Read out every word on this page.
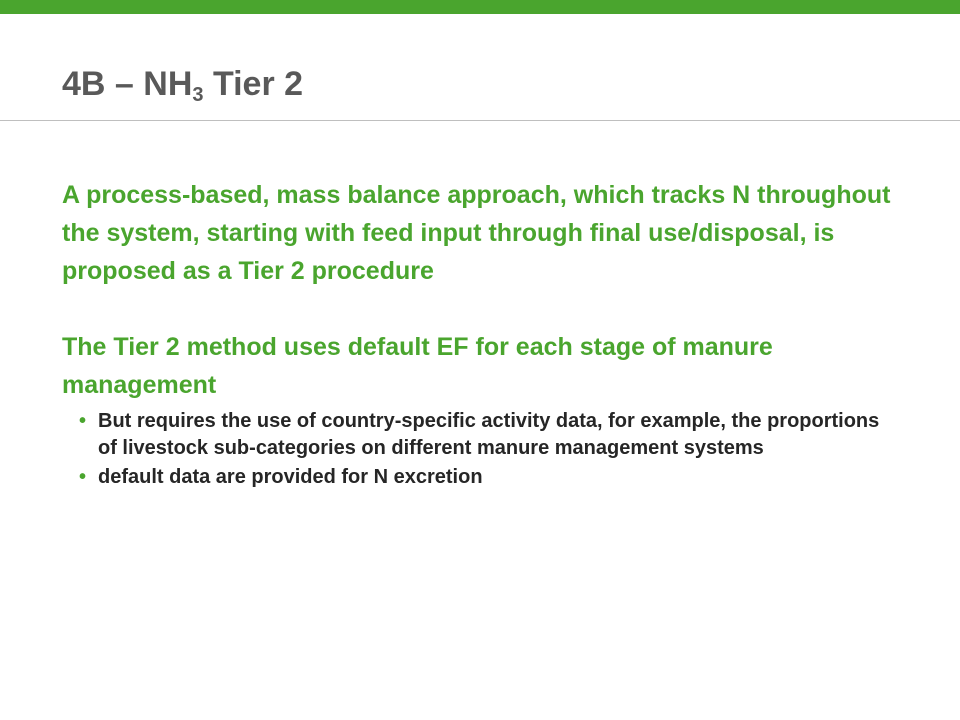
$4B - NH_3$ Tier 2

A process-based, mass balance approach, which tracks N throughout the system, starting with feed input through final use/disposal, is proposed as a Tier 2 procedure

The Tier 2 method uses default EF for each stage of manure management

• But requires the use of country-specific activity data, for example, the proportions of livestock sub-categories on different manure management systems
• default data are provided for N excretion
